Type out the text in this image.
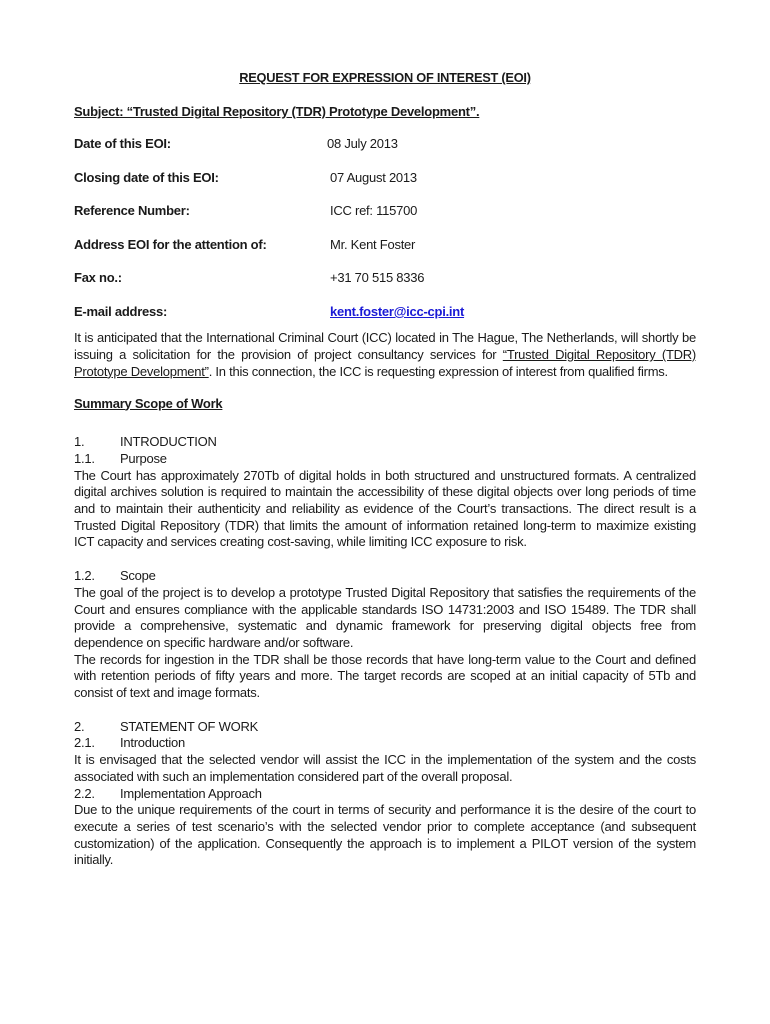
REQUEST FOR EXPRESSION OF INTEREST (EOI)

Subject: “Trusted Digital Repository (TDR) Prototype Development”.

Date of this EOI:	08 July 2013
Closing date of this EOI:	07 August 2013
Reference Number:	ICC ref: 115700
Address EOI for the attention of:	Mr. Kent Foster
Fax no.:	+31 70 515 8336
E-mail address:	kent.foster@icc-cpi.int

It is anticipated that the International Criminal Court (ICC) located in The Hague, The Netherlands, will shortly be issuing a solicitation for the provision of project consultancy services for “Trusted Digital Repository (TDR) Prototype Development”. In this connection, the ICC is requesting expression of interest from qualified firms.

Summary Scope of Work

1.	INTRODUCTION

1.1.	Purpose

The Court has approximately 270Tb of digital holds in both structured and unstructured formats. A centralized digital archives solution is required to maintain the accessibility of these digital objects over long periods of time and to maintain their authenticity and reliability as evidence of the Court’s transactions. The direct result is a Trusted Digital Repository (TDR) that limits the amount of information retained long-term to maximize existing ICT capacity and services creating cost-saving, while limiting ICC exposure to risk.

1.2.	Scope

The goal of the project is to develop a prototype Trusted Digital Repository that satisfies the requirements of the Court and ensures compliance with the applicable standards ISO 14731:2003 and ISO 15489. The TDR shall provide a comprehensive, systematic and dynamic framework for preserving digital objects free from dependence on specific hardware and/or software.

The records for ingestion in the TDR shall be those records that have long-term value to the Court and defined with retention periods of fifty years and more. The target records are scoped at an initial capacity of 5Tb and consist of text and image formats.

2.	STATEMENT OF WORK

2.1.	Introduction

It is envisaged that the selected vendor will assist the ICC in the implementation of the system and the costs associated with such an implementation considered part of the overall proposal.

2.2.	Implementation Approach

Due to the unique requirements of the court in terms of security and performance it is the desire of the court to execute a series of test scenario’s with the selected vendor prior to complete acceptance (and subsequent customization) of the application. Consequently the approach is to implement a PILOT version of the system initially.
